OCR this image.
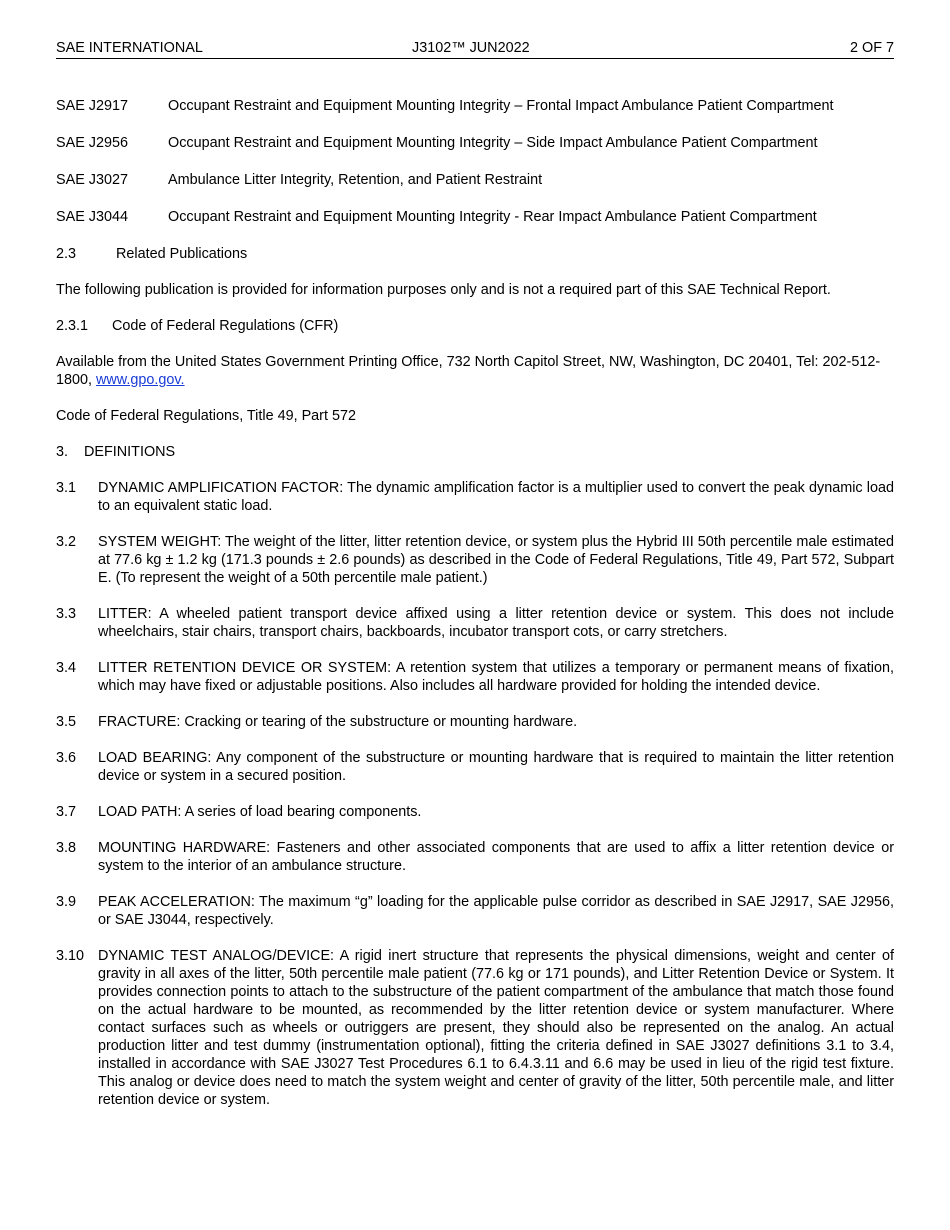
SAE INTERNATIONAL	J3102™ JUN2022	2 OF 7
SAE J2917	Occupant Restraint and Equipment Mounting Integrity – Frontal Impact Ambulance Patient Compartment
SAE J2956	Occupant Restraint and Equipment Mounting Integrity – Side Impact Ambulance Patient Compartment
SAE J3027	Ambulance Litter Integrity, Retention, and Patient Restraint
SAE J3044	Occupant Restraint and Equipment Mounting Integrity - Rear Impact Ambulance Patient Compartment
2.3	Related Publications
The following publication is provided for information purposes only and is not a required part of this SAE Technical Report.
2.3.1	Code of Federal Regulations (CFR)
Available from the United States Government Printing Office, 732 North Capitol Street, NW, Washington, DC 20401, Tel: 202-512-1800, www.gpo.gov.
Code of Federal Regulations, Title 49, Part 572
3.	DEFINITIONS
3.1	DYNAMIC AMPLIFICATION FACTOR: The dynamic amplification factor is a multiplier used to convert the peak dynamic load to an equivalent static load.
3.2	SYSTEM WEIGHT: The weight of the litter, litter retention device, or system plus the Hybrid III 50th percentile male estimated at 77.6 kg ± 1.2 kg (171.3 pounds ± 2.6 pounds) as described in the Code of Federal Regulations, Title 49, Part 572, Subpart E. (To represent the weight of a 50th percentile male patient.)
3.3	LITTER: A wheeled patient transport device affixed using a litter retention device or system. This does not include wheelchairs, stair chairs, transport chairs, backboards, incubator transport cots, or carry stretchers.
3.4	LITTER RETENTION DEVICE OR SYSTEM: A retention system that utilizes a temporary or permanent means of fixation, which may have fixed or adjustable positions. Also includes all hardware provided for holding the intended device.
3.5	FRACTURE: Cracking or tearing of the substructure or mounting hardware.
3.6	LOAD BEARING: Any component of the substructure or mounting hardware that is required to maintain the litter retention device or system in a secured position.
3.7	LOAD PATH: A series of load bearing components.
3.8	MOUNTING HARDWARE: Fasteners and other associated components that are used to affix a litter retention device or system to the interior of an ambulance structure.
3.9	PEAK ACCELERATION: The maximum “g” loading for the applicable pulse corridor as described in SAE J2917, SAE J2956, or SAE J3044, respectively.
3.10 DYNAMIC TEST ANALOG/DEVICE: A rigid inert structure that represents the physical dimensions, weight and center of gravity in all axes of the litter, 50th percentile male patient (77.6 kg or 171 pounds), and Litter Retention Device or System. It provides connection points to attach to the substructure of the patient compartment of the ambulance that match those found on the actual hardware to be mounted, as recommended by the litter retention device or system manufacturer. Where contact surfaces such as wheels or outriggers are present, they should also be represented on the analog. An actual production litter and test dummy (instrumentation optional), fitting the criteria defined in SAE J3027 definitions 3.1 to 3.4, installed in accordance with SAE J3027 Test Procedures 6.1 to 6.4.3.11 and 6.6 may be used in lieu of the rigid test fixture. This analog or device does need to match the system weight and center of gravity of the litter, 50th percentile male, and litter retention device or system.
